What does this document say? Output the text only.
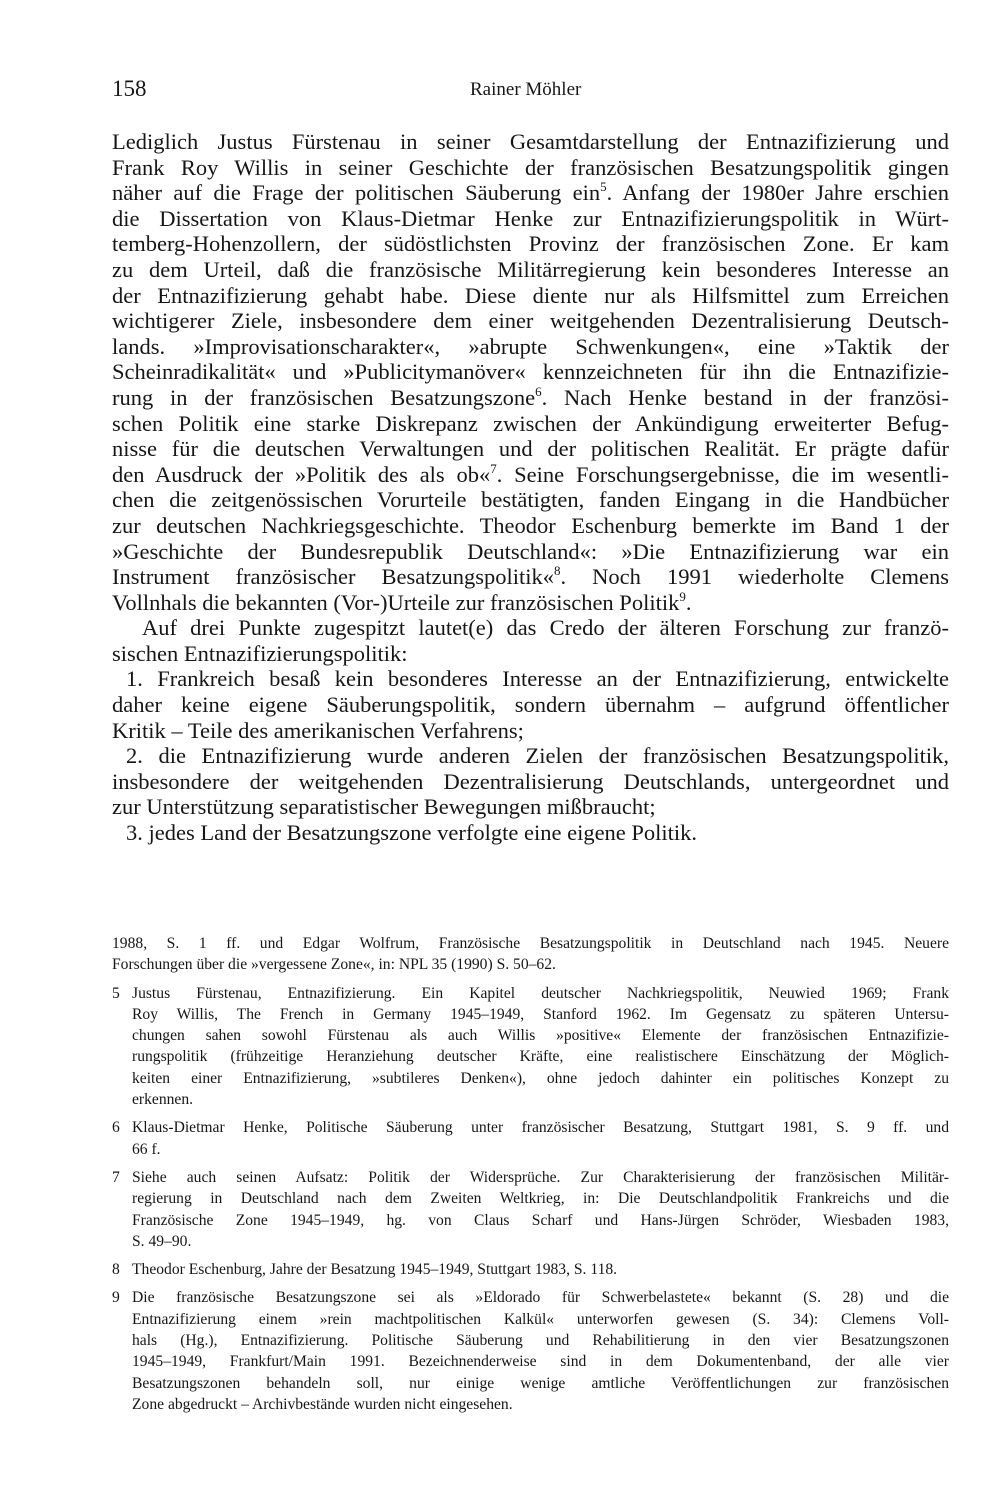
158	Rainer Möhler
Lediglich Justus Fürstenau in seiner Gesamtdarstellung der Entnazifizierung und
Frank Roy Willis in seiner Geschichte der französischen Besatzungspolitik gingen
näher auf die Frage der politischen Säuberung ein$^5$. Anfang der 1980er Jahre erschien
die Dissertation von Klaus-Dietmar Henke zur Entnazifizierungspolitik in Würt-
temberg-Hohenzollern, der südöstlichsten Provinz der französischen Zone. Er kam
zu dem Urteil, daß die französische Militärregierung kein besonderes Interesse an
der Entnazifizierung gehabt habe. Diese diente nur als Hilfsmittel zum Erreichen
wichtigerer Ziele, insbesondere dem einer weitgehenden Dezentralisierung Deutsch-
lands. »Improvisationscharakter«, »abrupte Schwenkungen«, eine »Taktik der
Scheinradikalität« und »Publicitymanöver« kennzeichneten für ihn die Entnazifizie-
rung in der französischen Besatzungszone$^6$. Nach Henke bestand in der französi-
schen Politik eine starke Diskrepanz zwischen der Ankündigung erweiterter Befug-
nisse für die deutschen Verwaltungen und der politischen Realität. Er prägte dafür
den Ausdruck der »Politik des als ob«$^7$. Seine Forschungsergebnisse, die im wesentli-
chen die zeitgenössischen Vorurteile bestätigten, fanden Eingang in die Handbücher
zur deutschen Nachkriegsgeschichte. Theodor Eschenburg bemerkte im Band 1 der
»Geschichte der Bundesrepublik Deutschland«: »Die Entnazifizierung war ein
Instrument französischer Besatzungspolitik«$^8$. Noch 1991 wiederholte Clemens
Vollnhals die bekannten (Vor-)Urteile zur französischen Politik$^9$.
Auf drei Punkte zugespitzt lautet(e) das Credo der älteren Forschung zur franzö-
sischen Entnazifizierungspolitik:
1. Frankreich besaß kein besonderes Interesse an der Entnazifizierung, entwickelte
daher keine eigene Säuberungspolitik, sondern übernahm – aufgrund öffentlicher
Kritik – Teile des amerikanischen Verfahrens;
2. die Entnazifizierung wurde anderen Zielen der französischen Besatzungspolitik,
insbesondere der weitgehenden Dezentralisierung Deutschlands, untergeordnet und
zur Unterstützung separatistischer Bewegungen mißbraucht;
3. jedes Land der Besatzungszone verfolgte eine eigene Politik.
1988, S. 1 ff. und Edgar Wolfrum, Französische Besatzungspolitik in Deutschland nach 1945. Neuere
Forschungen über die »vergessene Zone«, in: NPL 35 (1990) S. 50–62.
5 Justus Fürstenau, Entnazifizierung. Ein Kapitel deutscher Nachkriegspolitik, Neuwied 1969; Frank
Roy Willis, The French in Germany 1945–1949, Stanford 1962. Im Gegensatz zu späteren Untersu-
chungen sahen sowohl Fürstenau als auch Willis »positive« Elemente der französischen Entnazifizie-
rungspolitik (frühzeitige Heranziehung deutscher Kräfte, eine realistischere Einschätzung der Möglich-
keiten einer Entnazifizierung, »subtileres Denken«), ohne jedoch dahinter ein politisches Konzept zu
erkennen.
6 Klaus-Dietmar Henke, Politische Säuberung unter französischer Besatzung, Stuttgart 1981, S. 9 ff. und
66 f.
7 Siehe auch seinen Aufsatz: Politik der Widersprüche. Zur Charakterisierung der französischen Militär-
regierung in Deutschland nach dem Zweiten Weltkrieg, in: Die Deutschlandpolitik Frankreichs und die
Französische Zone 1945–1949, hg. von Claus Scharf und Hans-Jürgen Schröder, Wiesbaden 1983,
S. 49–90.
8 Theodor Eschenburg, Jahre der Besatzung 1945–1949, Stuttgart 1983, S. 118.
9 Die französische Besatzungszone sei als »Eldorado für Schwerbelastete« bekannt (S. 28) und die
Entnazifizierung einem »rein machtpolitischen Kalkül« unterworfen gewesen (S. 34): Clemens Voll-
hals (Hg.), Entnazifizierung. Politische Säuberung und Rehabilitierung in den vier Besatzungszonen
1945–1949, Frankfurt/Main 1991. Bezeichnenderweise sind in dem Dokumentenband, der alle vier
Besatzungszonen behandeln soll, nur einige wenige amtliche Veröffentlichungen zur französischen
Zone abgedruckt – Archivbestände wurden nicht eingesehen.
